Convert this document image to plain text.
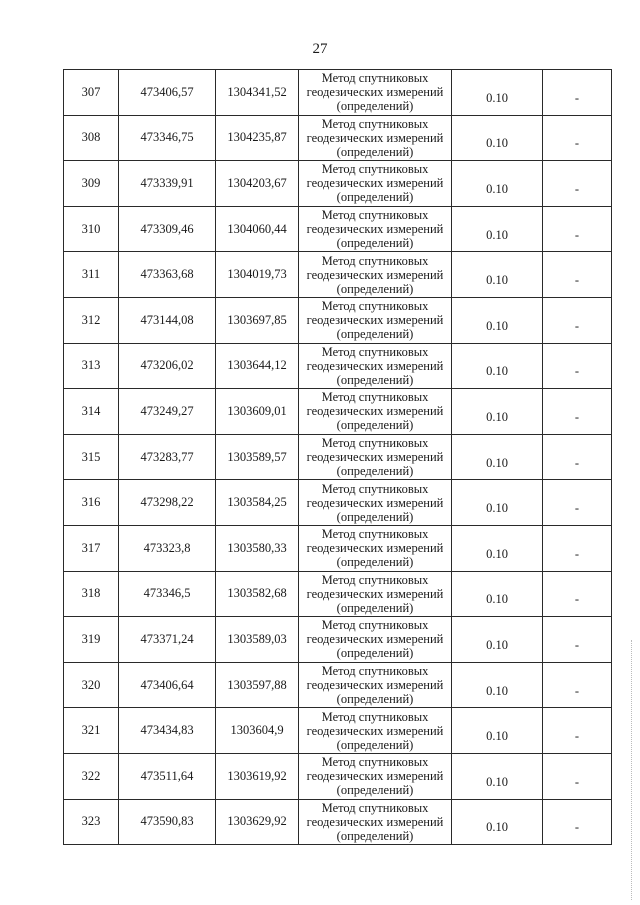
27
307	473406,57	1304341,52	Метод спутниковых
геодезических измерений
(определений)	0.10	-
308	473346,75	1304235,87	Метод спутниковых
геодезических измерений
(определений)	0.10	-
309	473339,91	1304203,67	Метод спутниковых
геодезических измерений
(определений)	0.10	-
310	473309,46	1304060,44	Метод спутниковых
геодезических измерений
(определений)	0.10	-
311	473363,68	1304019,73	Метод спутниковых
геодезических измерений
(определений)	0.10	-
312	473144,08	1303697,85	Метод спутниковых
геодезических измерений
(определений)	0.10	-
313	473206,02	1303644,12	Метод спутниковых
геодезических измерений
(определений)	0.10	-
314	473249,27	1303609,01	Метод спутниковых
геодезических измерений
(определений)	0.10	-
315	473283,77	1303589,57	Метод спутниковых
геодезических измерений
(определений)	0.10	-
316	473298,22	1303584,25	Метод спутниковых
геодезических измерений
(определений)	0.10	-
317	473323,8	1303580,33	Метод спутниковых
геодезических измерений
(определений)	0.10	-
318	473346,5	1303582,68	Метод спутниковых
геодезических измерений
(определений)	0.10	-
319	473371,24	1303589,03	Метод спутниковых
геодезических измерений
(определений)	0.10	-
320	473406,64	1303597,88	Метод спутниковых
геодезических измерений
(определений)	0.10	-
321	473434,83	1303604,9	Метод спутниковых
геодезических измерений
(определений)	0.10	-
322	473511,64	1303619,92	Метод спутниковых
геодезических измерений
(определений)	0.10	-
323	473590,83	1303629,92	Метод спутниковых
геодезических измерений
(определений)	0.10	-
